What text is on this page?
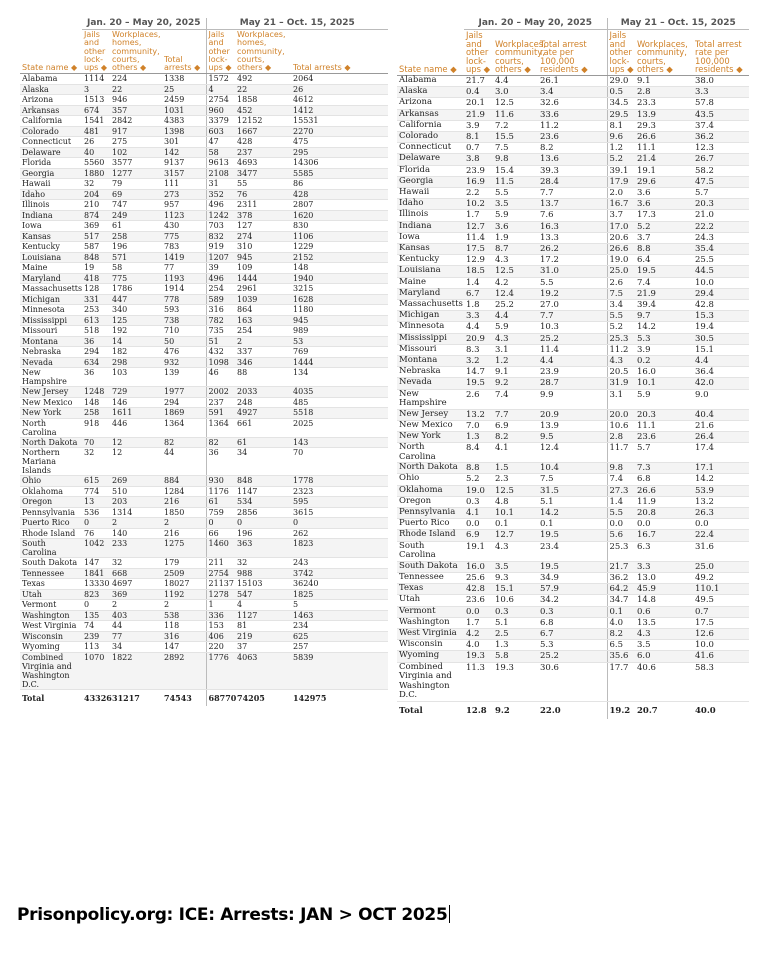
	Jan. 20 – May 20, 2025			May 21 – Oct. 15, 2025		
State name ◆	Jails and other lock-ups ◆	Workplaces, homes, community, courts, others ◆	Total arrests ◆	Jails and other lock-ups ◆	Workplaces, homes, community, courts, others ◆	Total arrests ◆
Alabama	1114	224	1338	1572	492	2064
Alaska	3	22	25	4	22	26
Arizona	1513	946	2459	2754	1858	4612
Arkansas	674	357	1031	960	452	1412
California	1541	2842	4383	3379	12152	15531
Colorado	481	917	1398	603	1667	2270
Connecticut	26	275	301	47	428	475
Delaware	40	102	142	58	237	295
Florida	5560	3577	9137	9613	4693	14306
Georgia	1880	1277	3157	2108	3477	5585
Hawaii	32	79	111	31	55	86
Idaho	204	69	273	352	76	428
Illinois	210	747	957	496	2311	2807
Indiana	874	249	1123	1242	378	1620
Iowa	369	61	430	703	127	830
Kansas	517	258	775	832	274	1106
Kentucky	587	196	783	919	310	1229
Louisiana	848	571	1419	1207	945	2152
Maine	19	58	77	39	109	148
Maryland	418	775	1193	496	1444	1940
Massachusetts	128	1786	1914	254	2961	3215
Michigan	331	447	778	589	1039	1628
Minnesota	253	340	593	316	864	1180
Mississippi	613	125	738	782	163	945
Missouri	518	192	710	735	254	989
Montana	36	14	50	51	2	53
Nebraska	294	182	476	432	337	769
Nevada	634	298	932	1098	346	1444
New Hampshire	36	103	139	46	88	134
New Jersey	1248	729	1977	2002	2033	4035
New Mexico	148	146	294	237	248	485
New York	258	1611	1869	591	4927	5518
North Carolina	918	446	1364	1364	661	2025
North Dakota	70	12	82	82	61	143
Northern Mariana Islands	32	12	44	36	34	70
Ohio	615	269	884	930	848	1778
Oklahoma	774	510	1284	1176	1147	2323
Oregon	13	203	216	61	534	595
Pennsylvania	536	1314	1850	759	2856	3615
Puerto Rico	0	2	2	0	0	0
Rhode Island	76	140	216	66	196	262
South Carolina	1042	233	1275	1460	363	1823
South Dakota	147	32	179	211	32	243
Tennessee	1841	668	2509	2754	988	3742
Texas	13330	4697	18027	21137	15103	36240
Utah	823	369	1192	1278	547	1825
Vermont	0	2	2	1	4	5
Washington	135	403	538	336	1127	1463
West Virginia	74	44	118	153	81	234
Wisconsin	239	77	316	406	219	625
Wyoming	113	34	147	220	37	257
Combined Virginia and Washington D.C.	1070	1822	2892	1776	4063	5839
Total	43326	31217	74543	68770	74205	142975
	Jan. 20 – May 20, 2025			May 21 – Oct. 15, 2025		
State name ◆	Jails and other lock-ups ◆	Workplaces, community, courts, others ◆	Total arrest rate per 100,000 residents ◆	Jails and other lock-ups ◆	Workplaces, community, courts, others ◆	Total arrest rate per 100,000 residents ◆
Alabama	21.7	4.4	26.1	29.0	9.1	38.0
Alaska	0.4	3.0	3.4	0.5	2.8	3.3
Arizona	20.1	12.5	32.6	34.5	23.3	57.8
Arkansas	21.9	11.6	33.6	29.5	13.9	43.5
California	3.9	7.2	11.2	8.1	29.3	37.4
Colorado	8.1	15.5	23.6	9.6	26.6	36.2
Connecticut	0.7	7.5	8.2	1.2	11.1	12.3
Delaware	3.8	9.8	13.6	5.2	21.4	26.7
Florida	23.9	15.4	39.3	39.1	19.1	58.2
Georgia	16.9	11.5	28.4	17.9	29.6	47.5
Hawaii	2.2	5.5	7.7	2.0	3.6	5.7
Idaho	10.2	3.5	13.7	16.7	3.6	20.3
Illinois	1.7	5.9	7.6	3.7	17.3	21.0
Indiana	12.7	3.6	16.3	17.0	5.2	22.2
Iowa	11.4	1.9	13.3	20.6	3.7	24.3
Kansas	17.5	8.7	26.2	26.6	8.8	35.4
Kentucky	12.9	4.3	17.2	19.0	6.4	25.5
Louisiana	18.5	12.5	31.0	25.0	19.5	44.5
Maine	1.4	4.2	5.5	2.6	7.4	10.0
Maryland	6.7	12.4	19.2	7.5	21.9	29.4
Massachusetts	1.8	25.2	27.0	3.4	39.4	42.8
Michigan	3.3	4.4	7.7	5.5	9.7	15.3
Minnesota	4.4	5.9	10.3	5.2	14.2	19.4
Mississippi	20.9	4.3	25.2	25.3	5.3	30.5
Missouri	8.3	3.1	11.4	11.2	3.9	15.1
Montana	3.2	1.2	4.4	4.3	0.2	4.4
Nebraska	14.7	9.1	23.9	20.5	16.0	36.4
Nevada	19.5	9.2	28.7	31.9	10.1	42.0
New Hampshire	2.6	7.4	9.9	3.1	5.9	9.0
New Jersey	13.2	7.7	20.9	20.0	20.3	40.4
New Mexico	7.0	6.9	13.9	10.6	11.1	21.6
New York	1.3	8.2	9.5	2.8	23.6	26.4
North Carolina	8.4	4.1	12.4	11.7	5.7	17.4
North Dakota	8.8	1.5	10.4	9.8	7.3	17.1
Ohio	5.2	2.3	7.5	7.4	6.8	14.2
Oklahoma	19.0	12.5	31.5	27.3	26.6	53.9
Oregon	0.3	4.8	5.1	1.4	11.9	13.2
Pennsylvania	4.1	10.1	14.2	5.5	20.8	26.3
Puerto Rico	0.0	0.1	0.1	0.0	0.0	0.0
Rhode Island	6.9	12.7	19.5	5.6	16.7	22.4
South Carolina	19.1	4.3	23.4	25.3	6.3	31.6
South Dakota	16.0	3.5	19.5	21.7	3.3	25.0
Tennessee	25.6	9.3	34.9	36.2	13.0	49.2
Texas	42.8	15.1	57.9	64.2	45.9	110.1
Utah	23.6	10.6	34.2	34.7	14.8	49.5
Vermont	0.0	0.3	0.3	0.1	0.6	0.7
Washington	1.7	5.1	6.8	4.0	13.5	17.5
West Virginia	4.2	2.5	6.7	8.2	4.3	12.6
Wisconsin	4.0	1.3	5.3	6.5	3.5	10.0
Wyoming	19.3	5.8	25.2	35.6	6.0	41.6
Combined Virginia and Washington D.C.	11.3	19.3	30.6	17.7	40.6	58.3
Total	12.8	9.2	22.0	19.2	20.7	40.0
Prisonpolicy.org: ICE: Arrests: JAN > OCT 2025
